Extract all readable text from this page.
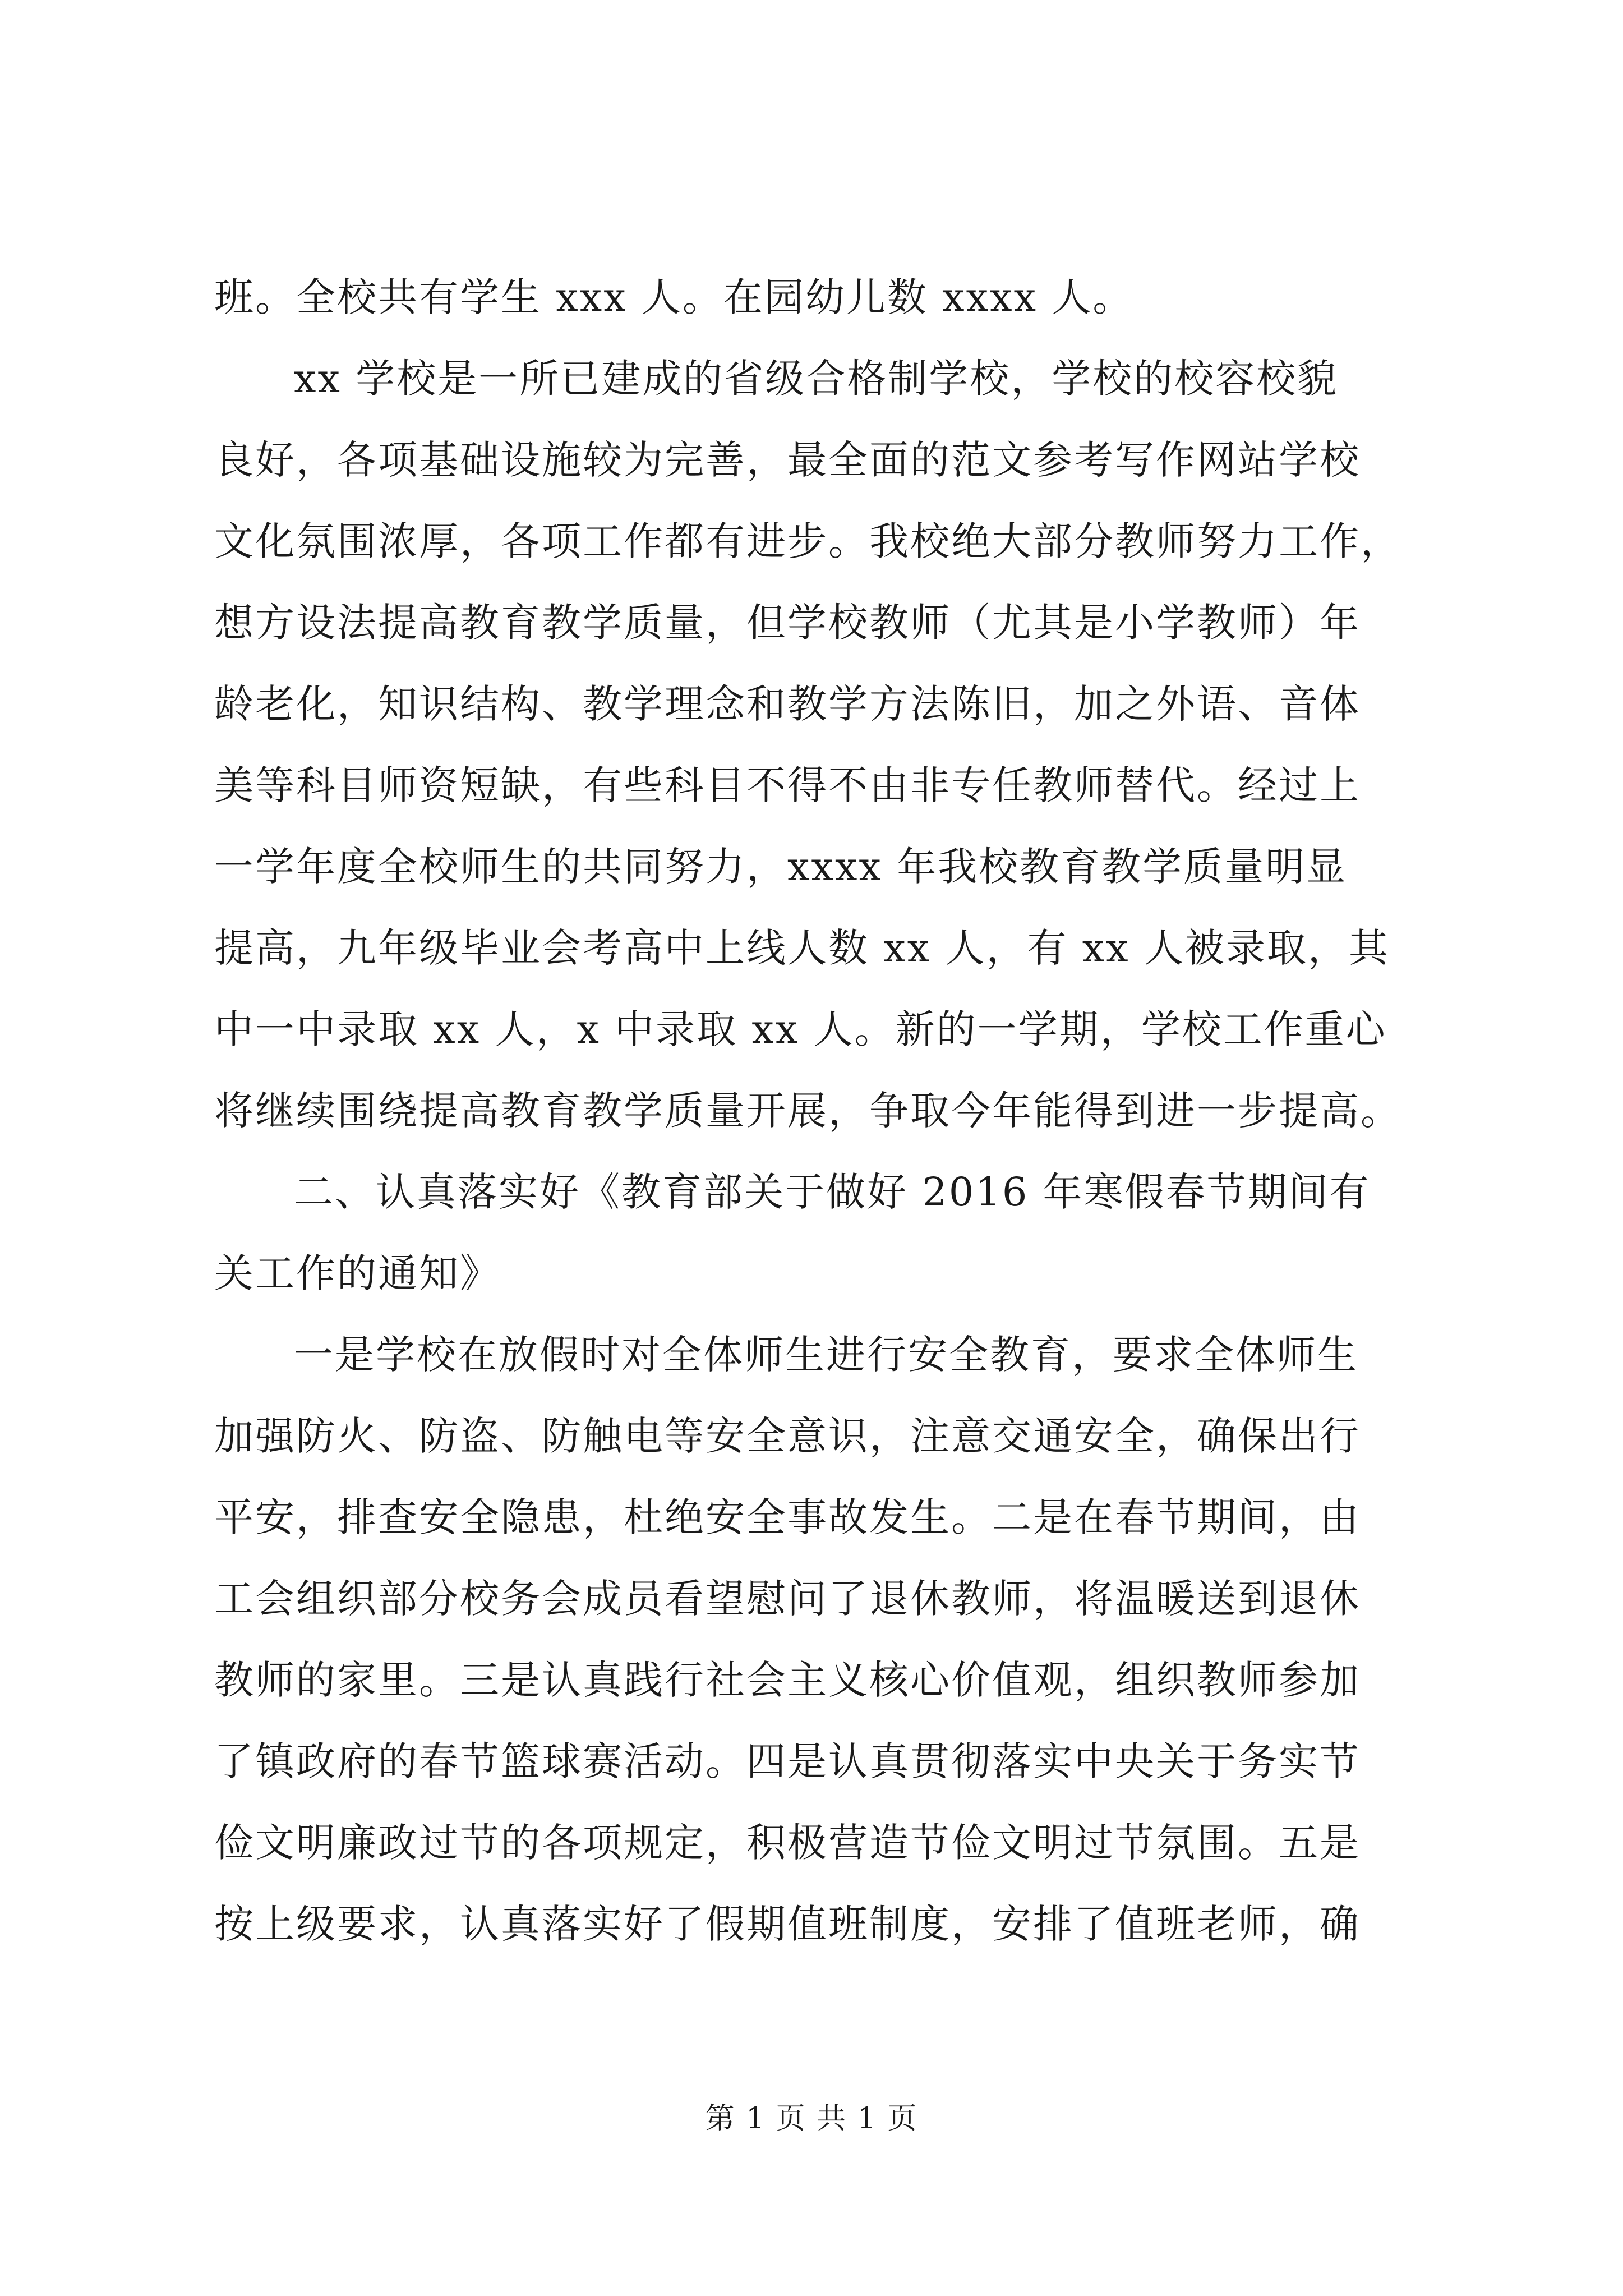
班。全校共有学生 xxx 人。在园幼儿数 xxxx 人。
xx 学校是一所已建成的省级合格制学校，学校的校容校貌
良好，各项基础设施较为完善，最全面的范文参考写作网站学校
文化氛围浓厚，各项工作都有进步。我校绝大部分教师努力工作，
想方设法提高教育教学质量，但学校教师（尤其是小学教师）年
龄老化，知识结构、教学理念和教学方法陈旧，加之外语、音体
美等科目师资短缺，有些科目不得不由非专任教师替代。经过上
一学年度全校师生的共同努力，xxxx 年我校教育教学质量明显
提高，九年级毕业会考高中上线人数 xx 人，有 xx 人被录取，其
中一中录取 xx 人，x 中录取 xx 人。新的一学期，学校工作重心
将继续围绕提高教育教学质量开展，争取今年能得到进一步提高。
二、认真落实好《教育部关于做好 2016 年寒假春节期间有
关工作的通知》
一是学校在放假时对全体师生进行安全教育，要求全体师生
加强防火、防盗、防触电等安全意识，注意交通安全，确保出行
平安，排查安全隐患，杜绝安全事故发生。二是在春节期间，由
工会组织部分校务会成员看望慰问了退休教师，将温暖送到退休
教师的家里。三是认真践行社会主义核心价值观，组织教师参加
了镇政府的春节篮球赛活动。四是认真贯彻落实中央关于务实节
俭文明廉政过节的各项规定，积极营造节俭文明过节氛围。五是
按上级要求，认真落实好了假期值班制度，安排了值班老师，确
第 1 页 共 1 页
